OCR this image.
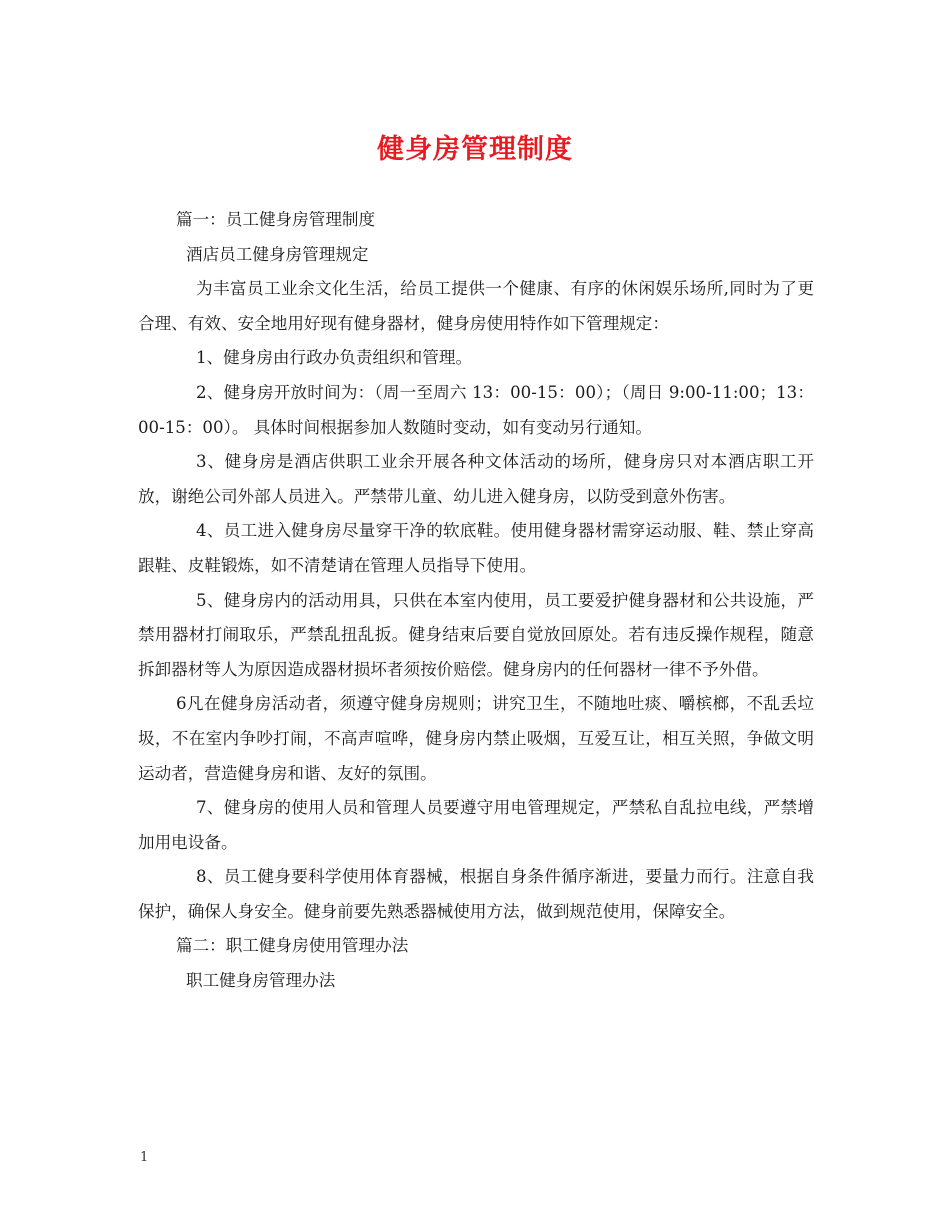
健身房管理制度

篇一：员工健身房管理制度

酒店员工健身房管理规定

为丰富员工业余文化生活，给员工提供一个健康、有序的休闲娱乐场所,同时为了更合理、有效、安全地用好现有健身器材，健身房使用特作如下管理规定：

1、健身房由行政办负责组织和管理。

2、健身房开放时间为：（周一至周六 13：00-15：00）；（周日 9:00-11:00；13：00-15：00）。 具体时间根据参加人数随时变动，如有变动另行通知。

3、健身房是酒店供职工业余开展各种文体活动的场所，健身房只对本酒店职工开放，谢绝公司外部人员进入。严禁带儿童、幼儿进入健身房，以防受到意外伤害。

4、员工进入健身房尽量穿干净的软底鞋。使用健身器材需穿运动服、鞋、禁止穿高跟鞋、皮鞋锻炼，如不清楚请在管理人员指导下使用。

5、健身房内的活动用具，只供在本室内使用，员工要爱护健身器材和公共设施，严禁用器材打闹取乐，严禁乱扭乱扳。健身结束后要自觉放回原处。若有违反操作规程，随意拆卸器材等人为原因造成器材损坏者须按价赔偿。健身房内的任何器材一律不予外借。

6凡在健身房活动者，须遵守健身房规则；讲究卫生，不随地吐痰、嚼槟榔，不乱丢垃圾，不在室内争吵打闹，不高声喧哗，健身房内禁止吸烟，互爱互让，相互关照，争做文明运动者，营造健身房和谐、友好的氛围。

7、健身房的使用人员和管理人员要遵守用电管理规定，严禁私自乱拉电线，严禁增加用电设备。

8、员工健身要科学使用体育器械，根据自身条件循序渐进，要量力而行。注意自我保护，确保人身安全。健身前要先熟悉器械使用方法，做到规范使用，保障安全。

篇二：职工健身房使用管理办法

职工健身房管理办法

1
